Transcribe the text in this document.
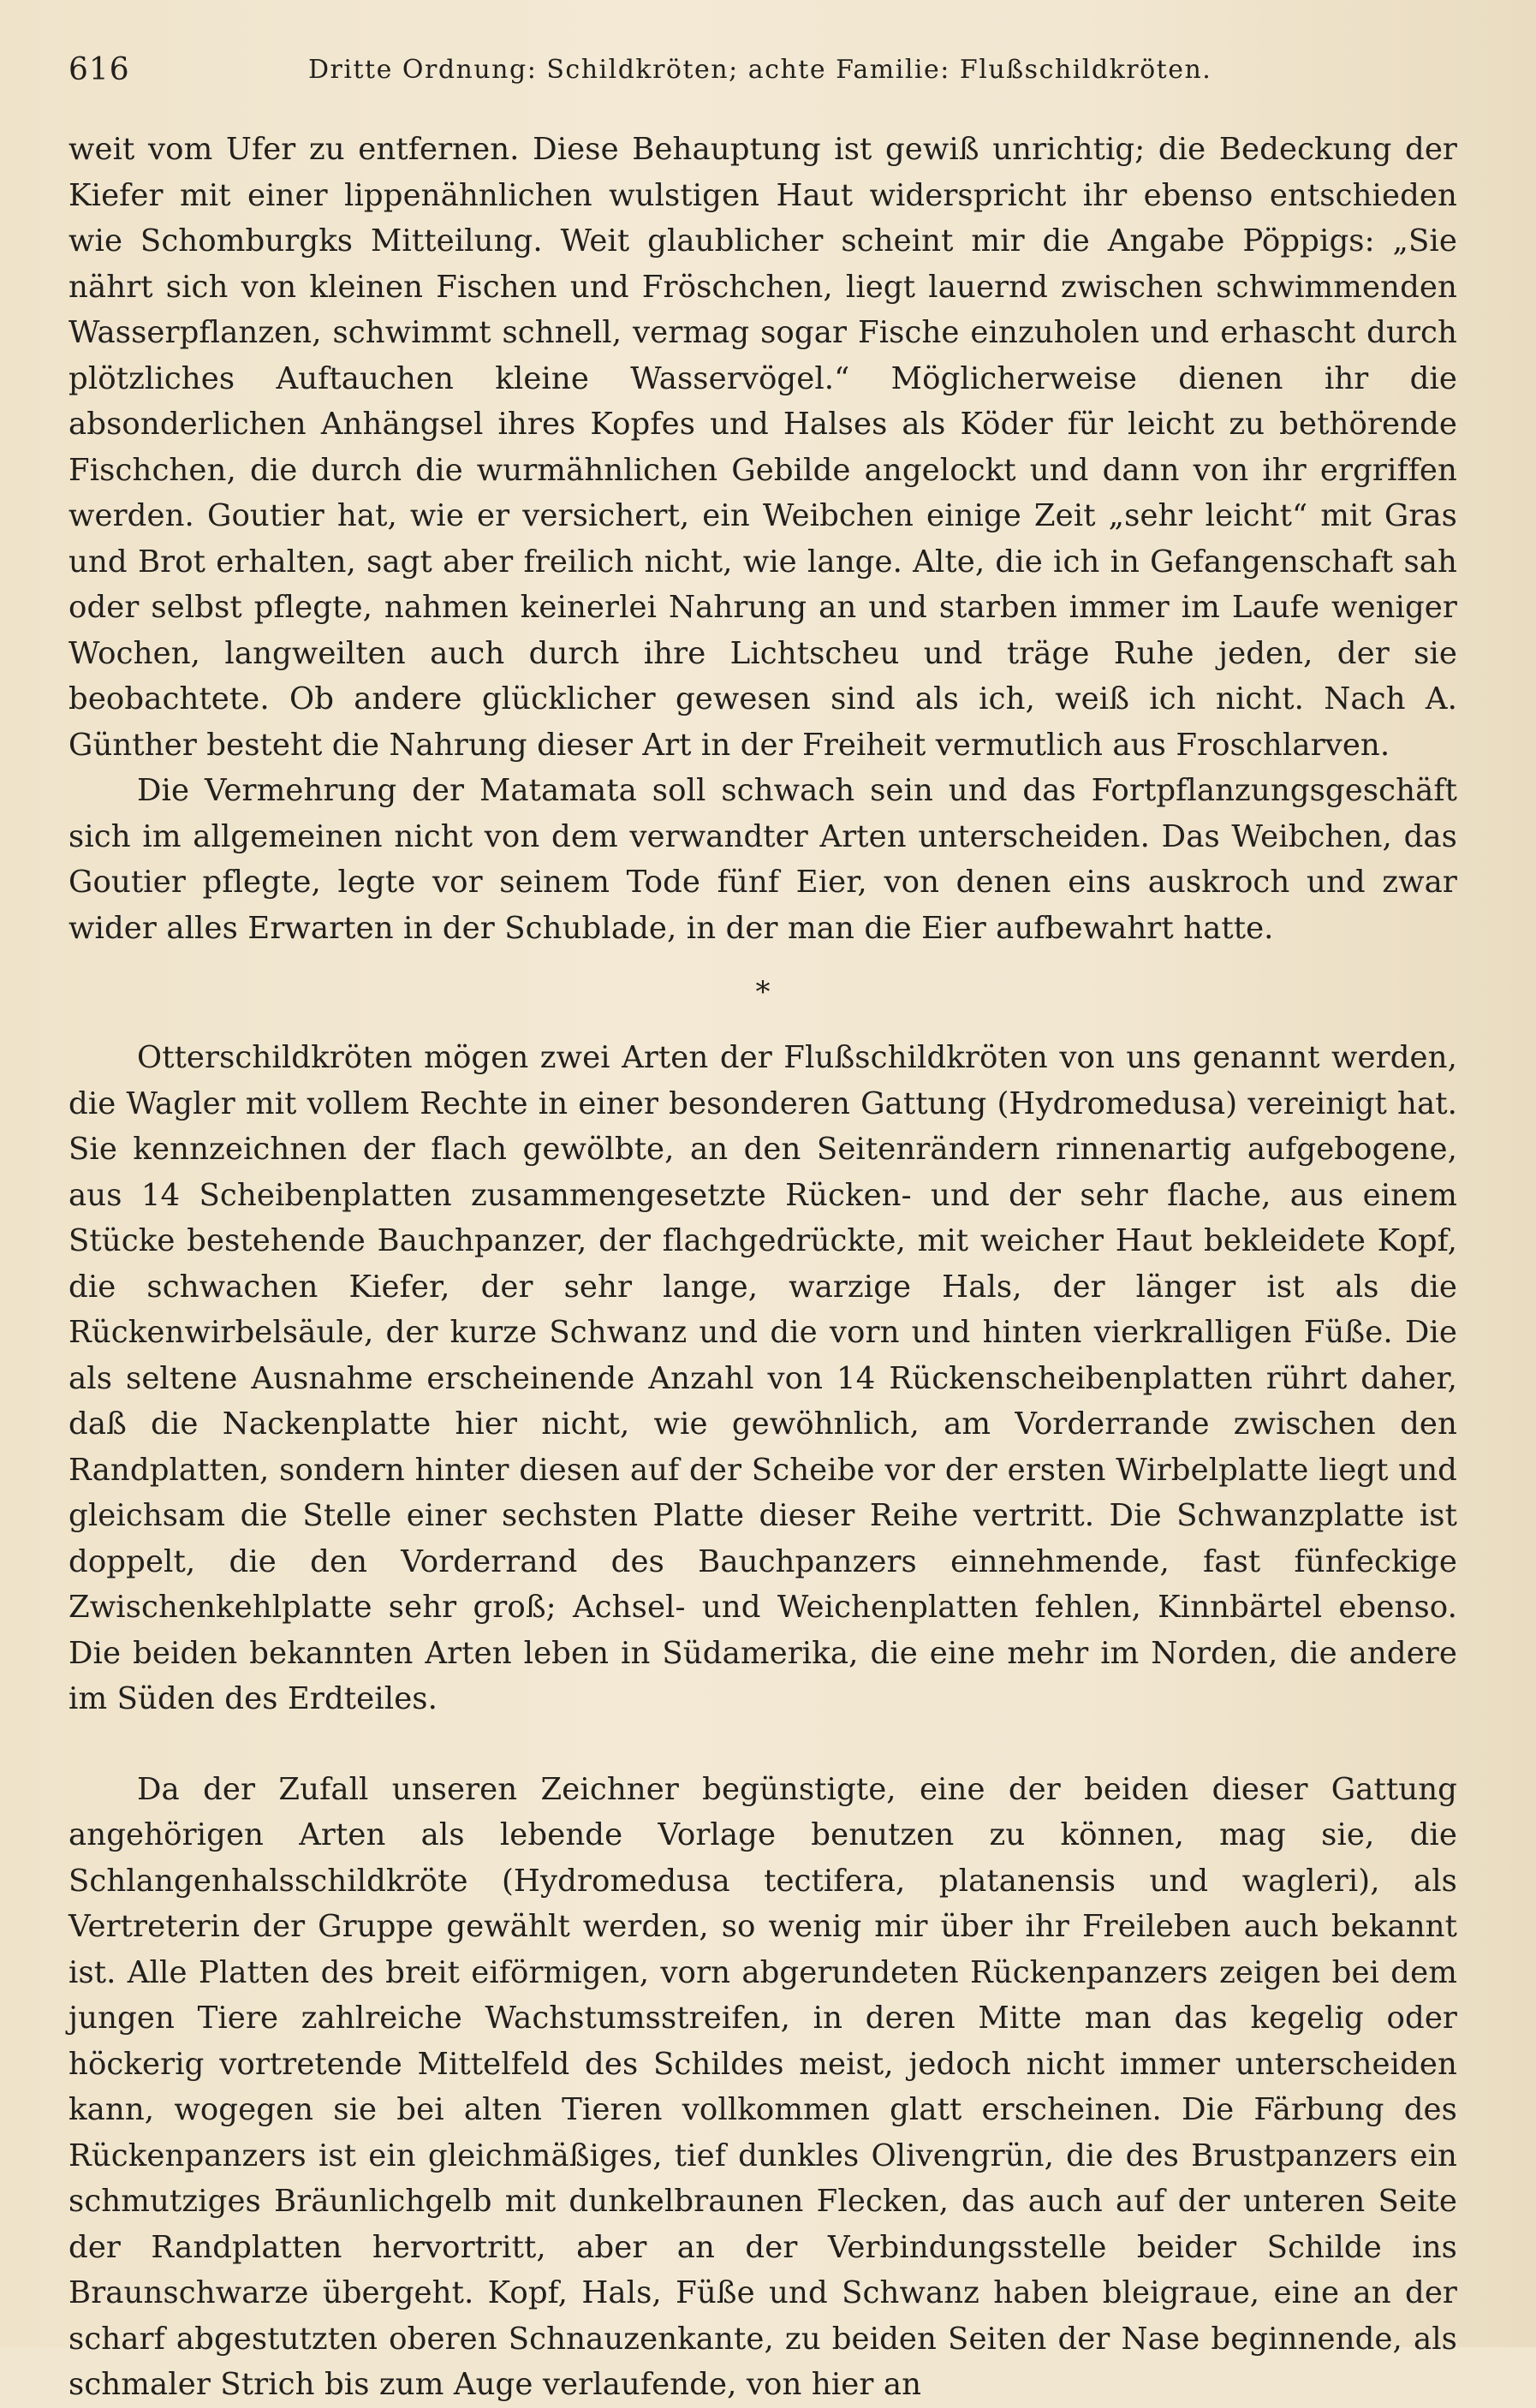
616	Dritte Ordnung: Schildkröten; achte Familie: Flußschildkröten.

weit vom Ufer zu entfernen. Diese Behauptung ist gewiß unrichtig; die Bedeckung der Kiefer mit einer lippenähnlichen wulstigen Haut widerspricht ihr ebenso entschieden wie Schomburgks Mitteilung. Weit glaublicher scheint mir die Angabe Pöppigs: „Sie nährt sich von kleinen Fischen und Fröschchen, liegt lauernd zwischen schwimmenden Wasserpflanzen, schwimmt schnell, vermag sogar Fische einzuholen und erhascht durch plötzliches Auftauchen kleine Wasservögel.“ Möglicherweise dienen ihr die absonderlichen Anhängsel ihres Kopfes und Halses als Köder für leicht zu bethörende Fischchen, die durch die wurmähnlichen Gebilde angelockt und dann von ihr ergriffen werden. Goutier hat, wie er versichert, ein Weibchen einige Zeit „sehr leicht“ mit Gras und Brot erhalten, sagt aber freilich nicht, wie lange. Alte, die ich in Gefangenschaft sah oder selbst pflegte, nahmen keinerlei Nahrung an und starben immer im Laufe weniger Wochen, langweilten auch durch ihre Lichtscheu und träge Ruhe jeden, der sie beobachtete. Ob andere glücklicher gewesen sind als ich, weiß ich nicht. Nach A. Günther besteht die Nahrung dieser Art in der Freiheit vermutlich aus Froschlarven.

Die Vermehrung der Matamata soll schwach sein und das Fortpflanzungsgeschäft sich im allgemeinen nicht von dem verwandter Arten unterscheiden. Das Weibchen, das Goutier pflegte, legte vor seinem Tode fünf Eier, von denen eins auskroch und zwar wider alles Erwarten in der Schublade, in der man die Eier aufbewahrt hatte.

*

Otterschildkröten mögen zwei Arten der Flußschildkröten von uns genannt werden, die Wagler mit vollem Rechte in einer besonderen Gattung (Hydromedusa) vereinigt hat. Sie kennzeichnen der flach gewölbte, an den Seitenrändern rinnenartig aufgebogene, aus 14 Scheibenplatten zusammengesetzte Rücken- und der sehr flache, aus einem Stücke bestehende Bauchpanzer, der flachgedrückte, mit weicher Haut bekleidete Kopf, die schwachen Kiefer, der sehr lange, warzige Hals, der länger ist als die Rückenwirbelsäule, der kurze Schwanz und die vorn und hinten vierkralligen Füße. Die als seltene Ausnahme erscheinende Anzahl von 14 Rückenscheibenplatten rührt daher, daß die Nackenplatte hier nicht, wie gewöhnlich, am Vorderrande zwischen den Randplatten, sondern hinter diesen auf der Scheibe vor der ersten Wirbelplatte liegt und gleichsam die Stelle einer sechsten Platte dieser Reihe vertritt. Die Schwanzplatte ist doppelt, die den Vorderrand des Bauchpanzers einnehmende, fast fünfeckige Zwischenkehlplatte sehr groß; Achsel- und Weichenplatten fehlen, Kinnbärtel ebenso. Die beiden bekannten Arten leben in Südamerika, die eine mehr im Norden, die andere im Süden des Erdteiles.

Da der Zufall unseren Zeichner begünstigte, eine der beiden dieser Gattung angehörigen Arten als lebende Vorlage benutzen zu können, mag sie, die Schlangenhalsschildkröte (Hydromedusa tectifera, platanensis und wagleri), als Vertreterin der Gruppe gewählt werden, so wenig mir über ihr Freileben auch bekannt ist. Alle Platten des breit eiförmigen, vorn abgerundeten Rückenpanzers zeigen bei dem jungen Tiere zahlreiche Wachstumsstreifen, in deren Mitte man das kegelig oder höckerig vortretende Mittelfeld des Schildes meist, jedoch nicht immer unterscheiden kann, wogegen sie bei alten Tieren vollkommen glatt erscheinen. Die Färbung des Rückenpanzers ist ein gleichmäßiges, tief dunkles Olivengrün, die des Brustpanzers ein schmutziges Bräunlichgelb mit dunkelbraunen Flecken, das auch auf der unteren Seite der Randplatten hervortritt, aber an der Verbindungsstelle beider Schilde ins Braunschwarze übergeht. Kopf, Hals, Füße und Schwanz haben bleigraue, eine an der scharf abgestutzten oberen Schnauzenkante, zu beiden Seiten der Nase beginnende, als schmaler Strich bis zum Auge verlaufende, von hier an
